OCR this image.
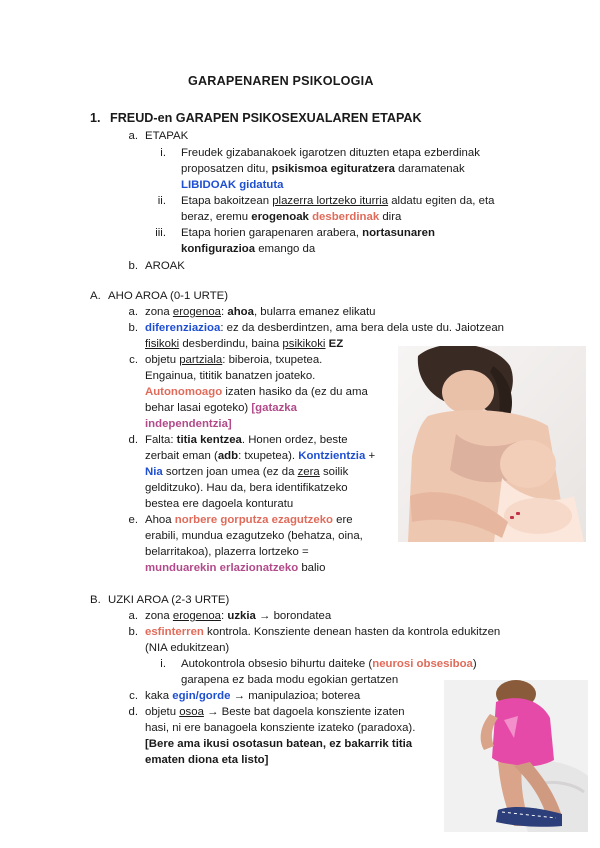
GARAPENAREN PSIKOLOGIA
1. FREUD-en GARAPEN PSIKOSEXUALAREN ETAPAK
a. ETAPAK
i. Freudek gizabanakoek igarotzen dituzten etapa ezberdinak
proposatzen ditu, psikismoa egituratzera daramatenak
LIBIDOAK gidatuta
ii. Etapa bakoitzean plazerra lortzeko iturria aldatu egiten da, eta
beraz, eremu erogenoak desberdinak dira
iii. Etapa horien garapenaren arabera, nortasunaren
konfigurazioa emango da
b. AROAK
A. AHO AROA (0-1 URTE)
a. zona erogenoa: ahoa, bularra emanez elikatu
b. diferenziazioa: ez da desberdintzen, ama bera dela uste du. Jaiotzean
fisikoki desberdindu, baina psikikoki EZ
c. objetu partziala: biberoia, txupetea.
Engainua, tititik banatzen joateko.
Autonomoago izaten hasiko da (ez du ama
behar lasai egoteko) [gatazka
independentzia]
d. Falta: titia kentzea. Honen ordez, beste
zerbait eman (adb: txupetea). Kontzientzia +
Nia sortzen joan umea (ez da zera soilik
gelditzuko). Hau da, bera identifikatzeko
bestea ere dagoela konturatu
e. Ahoa norbere gorputza ezagutzeko ere
erabili, mundua ezagutzeko (behatza, oina,
belarritakoa), plazerra lortzeko =
munduarekin erlazionatzeko balio
B. UZKI AROA (2-3 URTE)
a. zona erogenoa: uzkia → borondatea
b. esfinterren kontrola. Konsziente denean hasten da kontrola edukitzen
(NIA edukitzean)
i. Autokontrola obsesio bihurtu daiteke (neurosi obsesiboa)
garapena ez bada modu egokian gertatzen
c. kaka egin/gorde → manipulazioa; boterea
d. objetu osoa → Beste bat dagoela konsziente izaten
hasi, ni ere banagoela konsziente izateko (paradoxa).
[Bere ama ikusi osotasun batean, ez bakarrik titia
ematen diona eta listo]
